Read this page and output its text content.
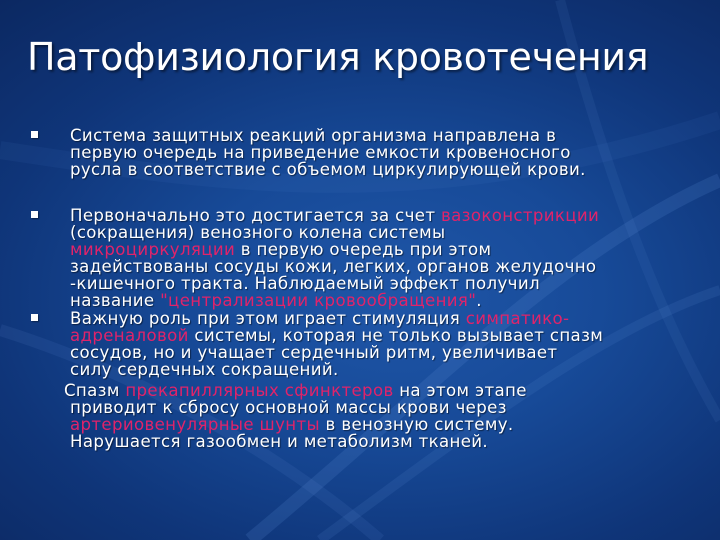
Патофизиология кровотечения
Система защитных реакций организма направлена в
первую очередь на приведение емкости кровеносного
русла в соответствие с объемом циркулирующей крови.
Первоначально это достигается за счет вазоконстрикции
(сокращения) венозного колена системы
микроциркуляции в первую очередь при этом
задействованы сосуды кожи, легких, органов желудочно
-кишечного тракта. Наблюдаемый эффект получил
название "централизации кровообращения".
Важную роль при этом играет стимуляция симпатико-
адреналовой системы, которая не только вызывает спазм
сосудов, но и учащает сердечный ритм, увеличивает
силу сердечных сокращений.
Спазм прекапиллярных сфинктеров на этом этапе
приводит к сбросу основной массы крови через
артериовенулярные шунты в венозную систему.
Нарушается газообмен и метаболизм тканей.
